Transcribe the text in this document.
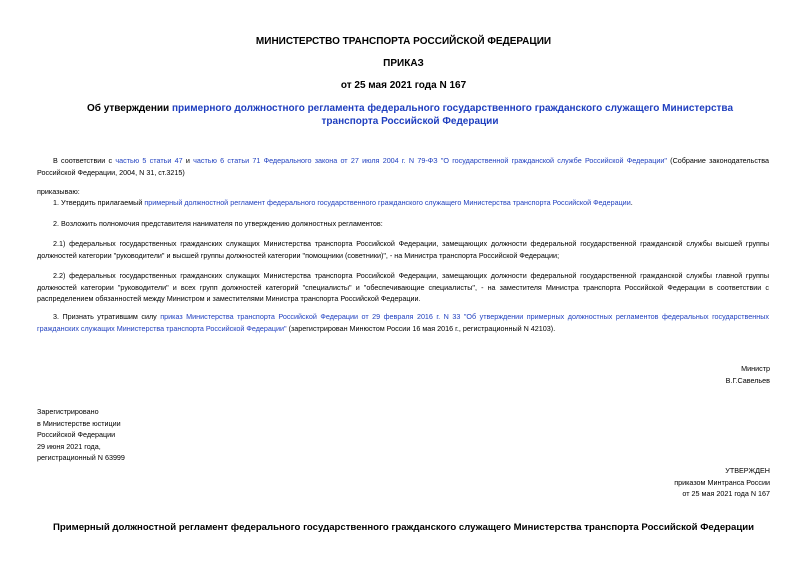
МИНИСТЕРСТВО ТРАНСПОРТА РОССИЙСКОЙ ФЕДЕРАЦИИ
ПРИКАЗ
от 25 мая 2021 года N 167
Об утверждении примерного должностного регламента федерального государственного гражданского служащего Министерства транспорта Российской Федерации
В соответствии с частью 5 статьи 47 и частью 6 статьи 71 Федерального закона от 27 июля 2004 г. N 79-ФЗ "О государственной гражданской службе Российской Федерации" (Собрание законодательства Российской Федерации, 2004, N 31, ст.3215)
приказываю:
1. Утвердить прилагаемый примерный должностной регламент федерального государственного гражданского служащего Министерства транспорта Российской Федерации.
2. Возложить полномочия представителя нанимателя по утверждению должностных регламентов:
2.1) федеральных государственных гражданских служащих Министерства транспорта Российской Федерации, замещающих должности федеральной государственной гражданской службы высшей группы должностей категории "руководители" и высшей группы должностей категории "помощники (советники)", - на Министра транспорта Российской Федерации;
2.2) федеральных государственных гражданских служащих Министерства транспорта Российской Федерации, замещающих должности федеральной государственной гражданской службы главной группы должностей категории "руководители" и всех групп должностей категорий "специалисты" и "обеспечивающие специалисты", - на заместителя Министра транспорта Российской Федерации в соответствии с распределением обязанностей между Министром и заместителями Министра транспорта Российской Федерации.
3. Признать утратившим силу приказ Министерства транспорта Российской Федерации от 29 февраля 2016 г. N 33 "Об утверждении примерных должностных регламентов федеральных государственных гражданских служащих Министерства транспорта Российской Федерации" (зарегистрирован Минюстом России 16 мая 2016 г., регистрационный N 42103).
Министр
В.Г.Савельев
Зарегистрировано
в Министерстве юстиции
Российской Федерации
29 июня 2021 года,
регистрационный N 63999
УТВЕРЖДЕН
приказом Минтранса России
от 25 мая 2021 года N 167
Примерный должностной регламент федерального государственного гражданского служащего Министерства транспорта Российской Федерации
